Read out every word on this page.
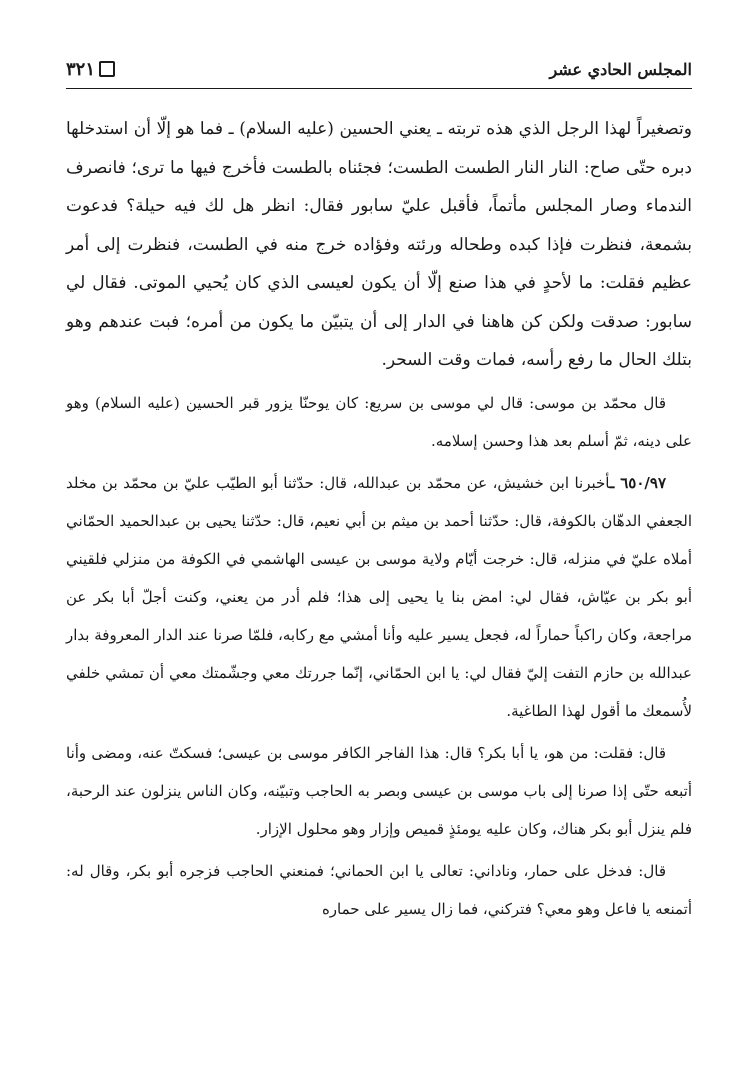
المجلس الحادي عشر
٣٢١

وتصغيراً لهذا الرجل الذي هذه تربته ـ يعني الحسين (عليه السلام) ـ فما هو إلّا أن استدخلها دبره حتّى صاح: النار النار الطست الطست؛ فجئناه بالطست فأخرج فيها ما ترى؛ فانصرف الندماء وصار المجلس مأتماً، فأقبل عليّ سابور فقال: انظر هل لك فيه حيلة؟ فدعوت بشمعة، فنظرت فإذا كبده وطحاله ورئته وفؤاده خرج منه في الطست، فنظرت إلى أمر عظيم فقلت: ما لأحدٍ في هذا صنع إلّا أن يكون لعيسى الذي كان يُحيي الموتى. فقال لي سابور: صدقت ولكن كن هاهنا في الدار إلى أن يتبيّن ما يكون من أمره؛ فبت عندهم وهو بتلك الحال ما رفع رأسه، فمات وقت السحر.

قال محمّد بن موسى: قال لي موسى بن سريع: كان يوحنّا يزور قبر الحسين (عليه السلام) وهو على دينه، ثمّ أسلم بعد هذا وحسن إسلامه.

٦٥٠/٩٧ ـأخبرنا ابن خشيش، عن محمّد بن عبدالله، قال: حدّثنا أبو الطيّب عليّ بن محمّد بن مخلد الجعفي الدهّان بالكوفة، قال: حدّثنا أحمد بن ميثم بن أبي نعيم، قال: حدّثنا يحيى بن عبدالحميد الحمّاني أملاه عليّ في منزله، قال: خرجت أيّام ولاية موسى بن عيسى الهاشمي في الكوفة من منزلي فلقيني أبو بكر بن عيّاش، فقال لي: امض بنا يا يحيى إلى هذا؛ فلم أدر من يعني، وكنت أجلّ أبا بكر عن مراجعة، وكان راكباً حماراً له، فجعل يسير عليه وأنا أمشي مع ركابه، فلمّا صرنا عند الدار المعروفة بدار عبدالله بن حازم التفت إليّ فقال لي: يا ابن الحمّاني، إنّما جررتك معي وجشّمتك معي أن تمشي خلفي لأُسمعك ما أقول لهذا الطاغية.

قال: فقلت: من هو، يا أبا بكر؟ قال: هذا الفاجر الكافر موسى بن عيسى؛ فسكتّ عنه، ومضى وأنا أتبعه حتّى إذا صرنا إلى باب موسى بن عيسى وبصر به الحاجب وتبيّنه، وكان الناس ينزلون عند الرحبة، فلم ينزل أبو بكر هناك، وكان عليه يومئذٍ قميص وإزار وهو محلول الإزار.

قال: فدخل على حمار، وناداني: تعالى يا ابن الحماني؛ فمنعني الحاجب فزجره أبو بكر، وقال له: أتمنعه يا فاعل وهو معي؟ فتركني، فما زال يسير على حماره
